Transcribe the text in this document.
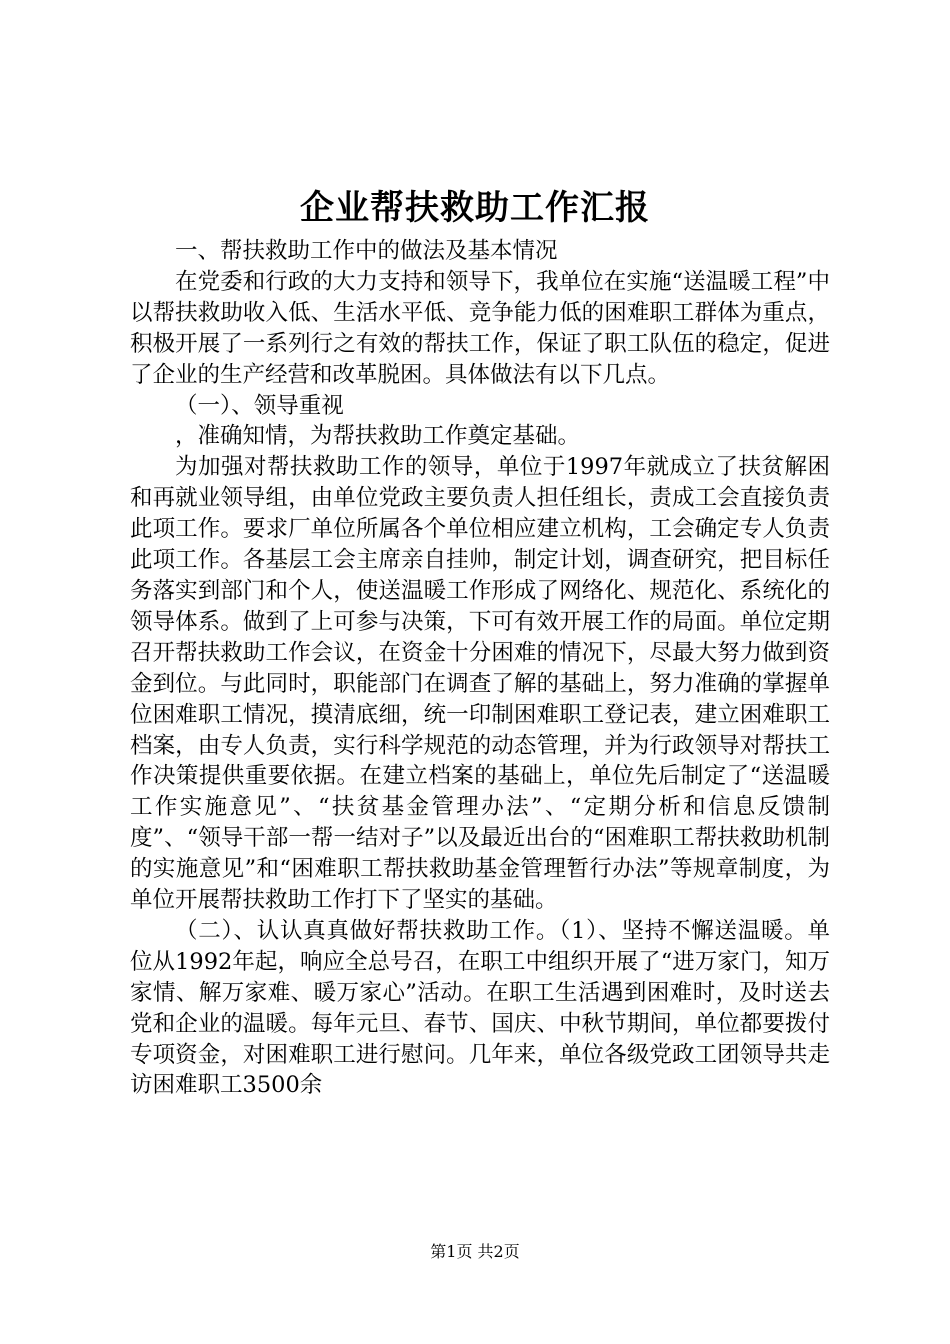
企业帮扶救助工作汇报

一、帮扶救助工作中的做法及基本情况

在党委和行政的大力支持和领导下，我单位在实施“送温暖工程”中以帮扶救助收入低、生活水平低、竞争能力低的困难职工群体为重点，积极开展了一系列行之有效的帮扶工作，保证了职工队伍的稳定，促进了企业的生产经营和改革脱困。具体做法有以下几点。

（一）、领导重视

，准确知情，为帮扶救助工作奠定基础。

为加强对帮扶救助工作的领导，单位于1997年就成立了扶贫解困和再就业领导组，由单位党政主要负责人担任组长，责成工会直接负责此项工作。要求厂单位所属各个单位相应建立机构，工会确定专人负责此项工作。各基层工会主席亲自挂帅，制定计划，调查研究，把目标任务落实到部门和个人，使送温暖工作形成了网络化、规范化、系统化的领导体系。做到了上可参与决策，下可有效开展工作的局面。单位定期召开帮扶救助工作会议，在资金十分困难的情况下，尽最大努力做到资金到位。与此同时，职能部门在调查了解的基础上，努力准确的掌握单位困难职工情况，摸清底细，统一印制困难职工登记表，建立困难职工档案，由专人负责，实行科学规范的动态管理，并为行政领导对帮扶工作决策提供重要依据。在建立档案的基础上，单位先后制定了“送温暖工作实施意见”、“扶贫基金管理办法”、“定期分析和信息反馈制度”、“领导干部一帮一结对子”以及最近出台的“困难职工帮扶救助机制的实施意见”和“困难职工帮扶救助基金管理暂行办法”等规章制度，为单位开展帮扶救助工作打下了坚实的基础。

（二）、认认真真做好帮扶救助工作。（1）、坚持不懈送温暖。单位从1992年起，响应全总号召，在职工中组织开展了“进万家门，知万家情、解万家难、暖万家心”活动。在职工生活遇到困难时，及时送去党和企业的温暖。每年元旦、春节、国庆、中秋节期间，单位都要拨付专项资金，对困难职工进行慰问。几年来，单位各级党政工团领导共走访困难职工3500余

第1页 共2页
